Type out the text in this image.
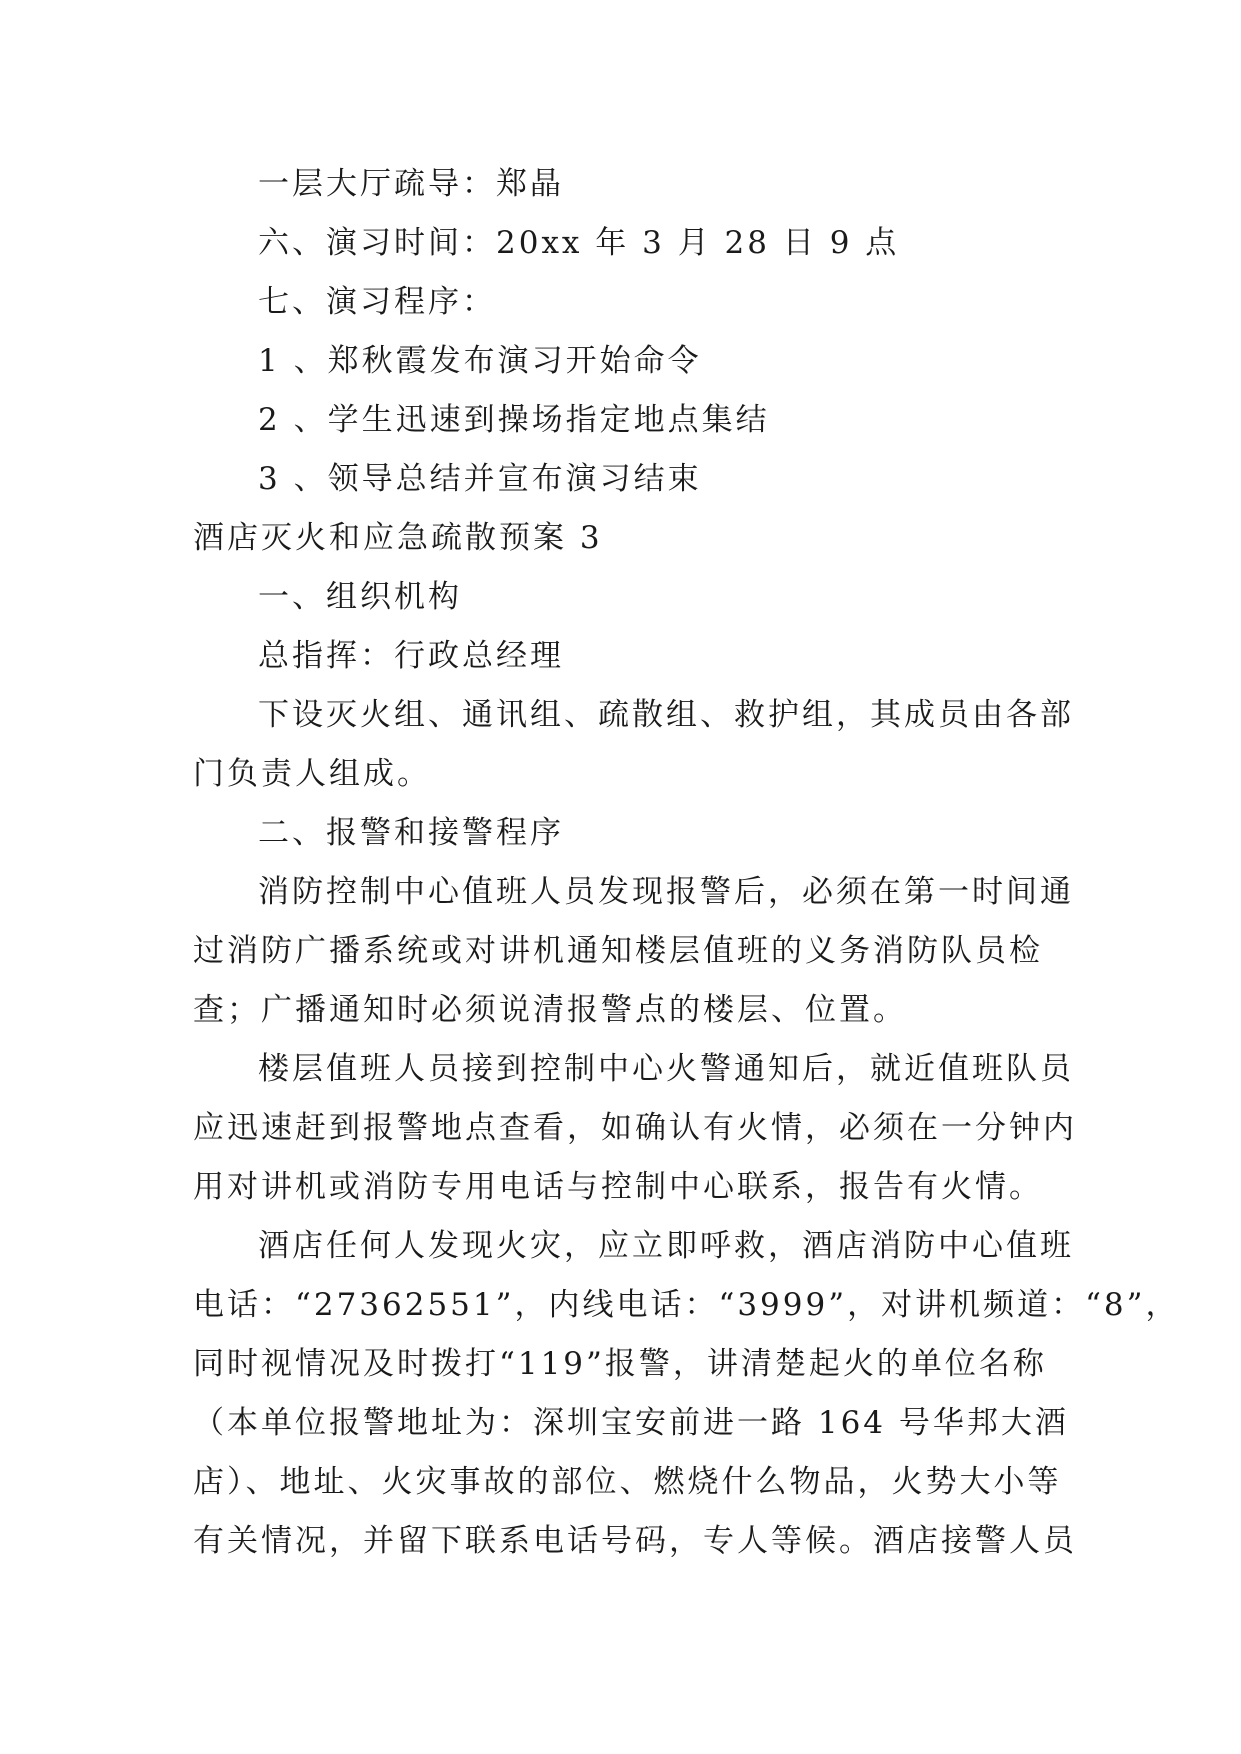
一层大厅疏导：郑晶
六、演习时间：20xx 年 3 月 28 日 9 点
七、演习程序：
1 、郑秋霞发布演习开始命令
2 、学生迅速到操场指定地点集结
3 、领导总结并宣布演习结束
酒店灭火和应急疏散预案 3
一、组织机构
总指挥：行政总经理
下设灭火组、通讯组、疏散组、救护组，其成员由各部
门负责人组成。
二、报警和接警程序
消防控制中心值班人员发现报警后，必须在第一时间通
过消防广播系统或对讲机通知楼层值班的义务消防队员检
查；广播通知时必须说清报警点的楼层、位置。
楼层值班人员接到控制中心火警通知后，就近值班队员
应迅速赶到报警地点查看，如确认有火情，必须在一分钟内
用对讲机或消防专用电话与控制中心联系，报告有火情。
酒店任何人发现火灾，应立即呼救，酒店消防中心值班
电话：“27362551”，内线电话：“3999”，对讲机频道：“8”，
同时视情况及时拨打“119”报警，讲清楚起火的单位名称
（本单位报警地址为：深圳宝安前进一路 164 号华邦大酒
店）、地址、火灾事故的部位、燃烧什么物品，火势大小等
有关情况，并留下联系电话号码，专人等候。酒店接警人员
